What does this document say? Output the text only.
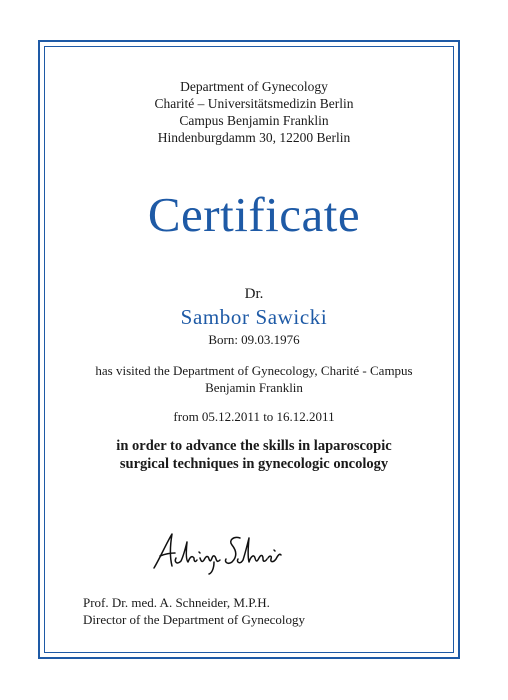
Department of Gynecology
Charité – Universitätsmedizin Berlin
Campus Benjamin Franklin
Hindenburgdamm 30, 12200 Berlin
Certificate
Dr.
Sambor Sawicki
Born: 09.03.1976
has visited the Department of Gynecology, Charité - Campus
Benjamin Franklin
from 05.12.2011 to 16.12.2011
in order to advance the skills in laparoscopic
surgical techniques in gynecologic oncology
Prof. Dr. med. A. Schneider, M.P.H.
Director of the Department of Gynecology
